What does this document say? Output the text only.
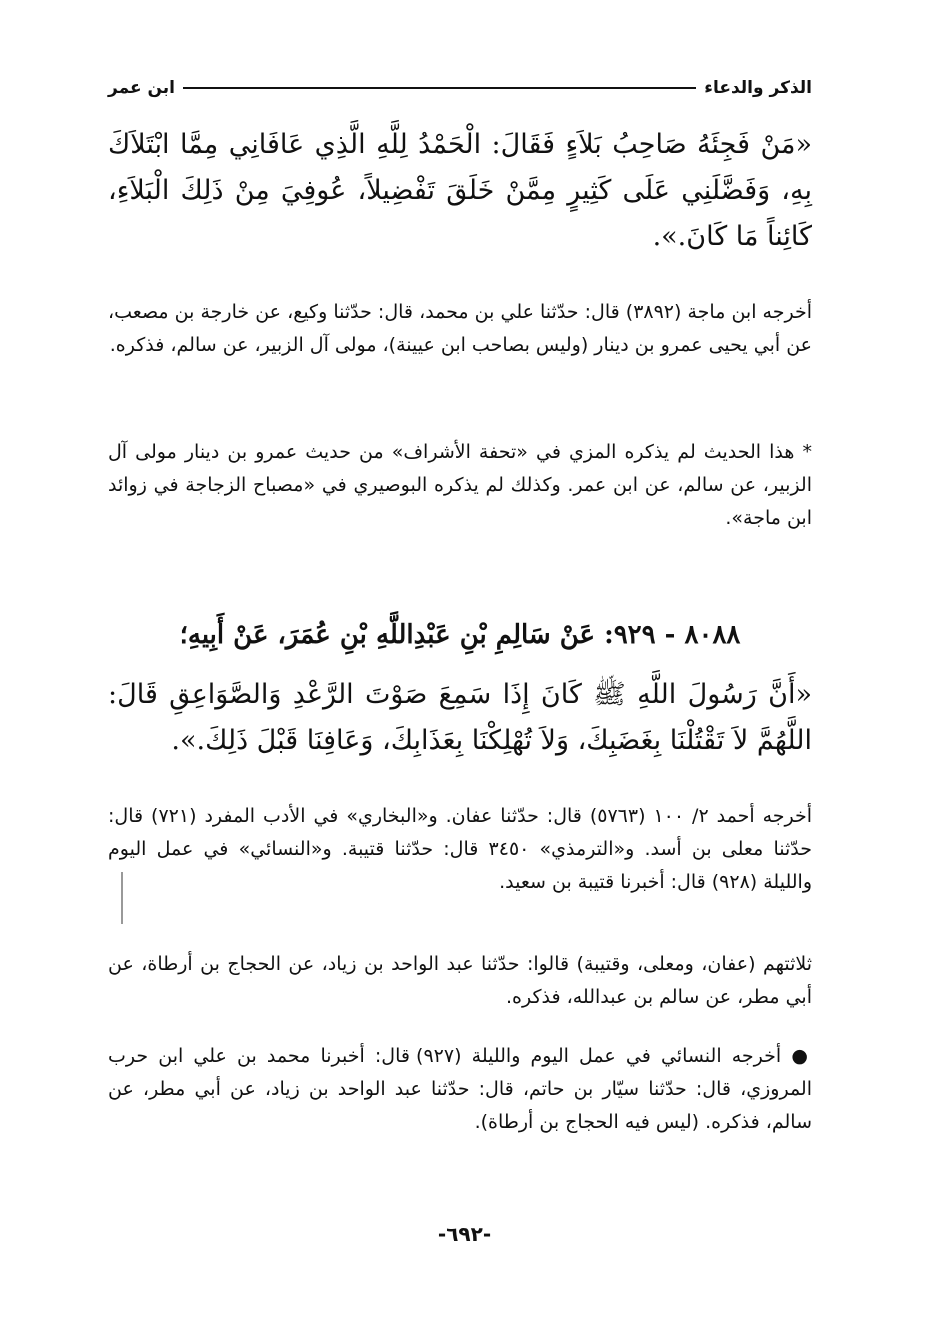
الذكر والدعاء
ابن عمر

«مَنْ فَجِئَهُ صَاحِبُ بَلاَءٍ فَقَالَ: الْحَمْدُ لِلَّهِ الَّذِي عَافَانِي مِمَّا ابْتَلاَكَ بِهِ، وَفَضَّلَنِي عَلَى كَثِيرٍ مِمَّنْ خَلَقَ تَفْضِيلاً، عُوفِيَ مِنْ ذَلِكَ الْبَلاَءِ، كَائِناً مَا كَانَ.».

أخرجه ابن ماجة (٣٨٩٢) قال: حدّثنا علي بن محمد، قال: حدّثنا وكيع، عن خارجة بن مصعب، عن أبي يحيى عمرو بن دينار (وليس بصاحب ابن عيينة)، مولى آل الزبير، عن سالم، فذكره.

* هذا الحديث لم يذكره المزي في «تحفة الأشراف» من حديث عمرو بن دينار مولى آل الزبير، عن سالم، عن ابن عمر. وكذلك لم يذكره البوصيري في «مصباح الزجاجة في زوائد ابن ماجة».

٨٠٨٨ - ٩٢٩: عَنْ سَالِمِ بْنِ عَبْدِاللَّهِ بْنِ عُمَرَ، عَنْ أَبِيهِ؛

«أَنَّ رَسُولَ اللَّهِ ﷺ كَانَ إِذَا سَمِعَ صَوْتَ الرَّعْدِ وَالصَّوَاعِقِ قَالَ: اللَّهُمَّ لاَ تَقْتُلْنَا بِغَضَبِكَ، وَلاَ تُهْلِكْنَا بِعَذَابِكَ، وَعَافِنَا قَبْلَ ذَلِكَ.».

أخرجه أحمد ٢/ ١٠٠ (٥٧٦٣) قال: حدّثنا عفان. و«البخاري» في الأدب المفرد (٧٢١) قال: حدّثنا معلى بن أسد. و«الترمذي» ٣٤٥٠ قال: حدّثنا قتيبة. و«النسائي» في عمل اليوم والليلة (٩٢٨) قال: أخبرنا قتيبة بن سعيد.

ثلاثتهم (عفان، ومعلى، وقتيبة) قالوا: حدّثنا عبد الواحد بن زياد، عن الحجاج بن أرطاة، عن أبي مطر، عن سالم بن عبدالله، فذكره.

● أخرجه النسائي في عمل اليوم والليلة (٩٢٧) قال: أخبرنا محمد بن علي ابن حرب المروزي، قال: حدّثنا سيّار بن حاتم، قال: حدّثنا عبد الواحد بن زياد، عن أبي مطر، عن سالم، فذكره. (ليس فيه الحجاج بن أرطاة).

-٦٩٢-
